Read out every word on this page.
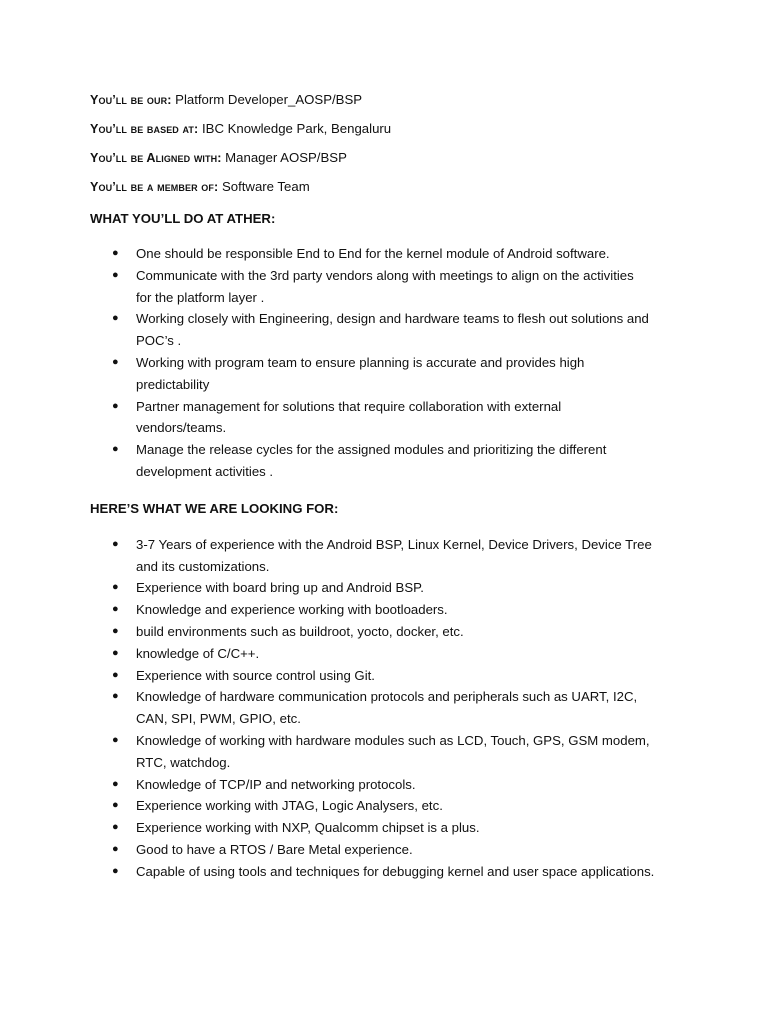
You’ll be our: Platform Developer_AOSP/BSP
You’ll be based at: IBC Knowledge Park, Bengaluru
You’ll be Aligned with: Manager AOSP/BSP
You’ll be a member of: Software Team
WHAT YOU’LL DO AT ATHER:
● One should be responsible End to End for the kernel module of Android software.
● Communicate with the 3rd party vendors along with meetings to align on the activities
for the platform layer .
● Working closely with Engineering, design and hardware teams to flesh out solutions and
POC’s .
● Working with program team to ensure planning is accurate and provides high
predictability
● Partner management for solutions that require collaboration with external
vendors/teams.
● Manage the release cycles for the assigned modules and prioritizing the different
development activities .
HERE’S WHAT WE ARE LOOKING FOR:
● 3-7 Years of experience with the Android BSP, Linux Kernel, Device Drivers, Device Tree
and its customizations.
● Experience with board bring up and Android BSP.
● Knowledge and experience working with bootloaders.
● build environments such as buildroot, yocto, docker, etc.
● knowledge of C/C++.
● Experience with source control using Git.
● Knowledge of hardware communication protocols and peripherals such as UART, I2C,
CAN, SPI, PWM, GPIO, etc.
● Knowledge of working with hardware modules such as LCD, Touch, GPS, GSM modem,
RTC, watchdog.
● Knowledge of TCP/IP and networking protocols.
● Experience working with JTAG, Logic Analysers, etc.
● Experience working with NXP, Qualcomm chipset is a plus.
● Good to have a RTOS / Bare Metal experience.
● Capable of using tools and techniques for debugging kernel and user space applications.
